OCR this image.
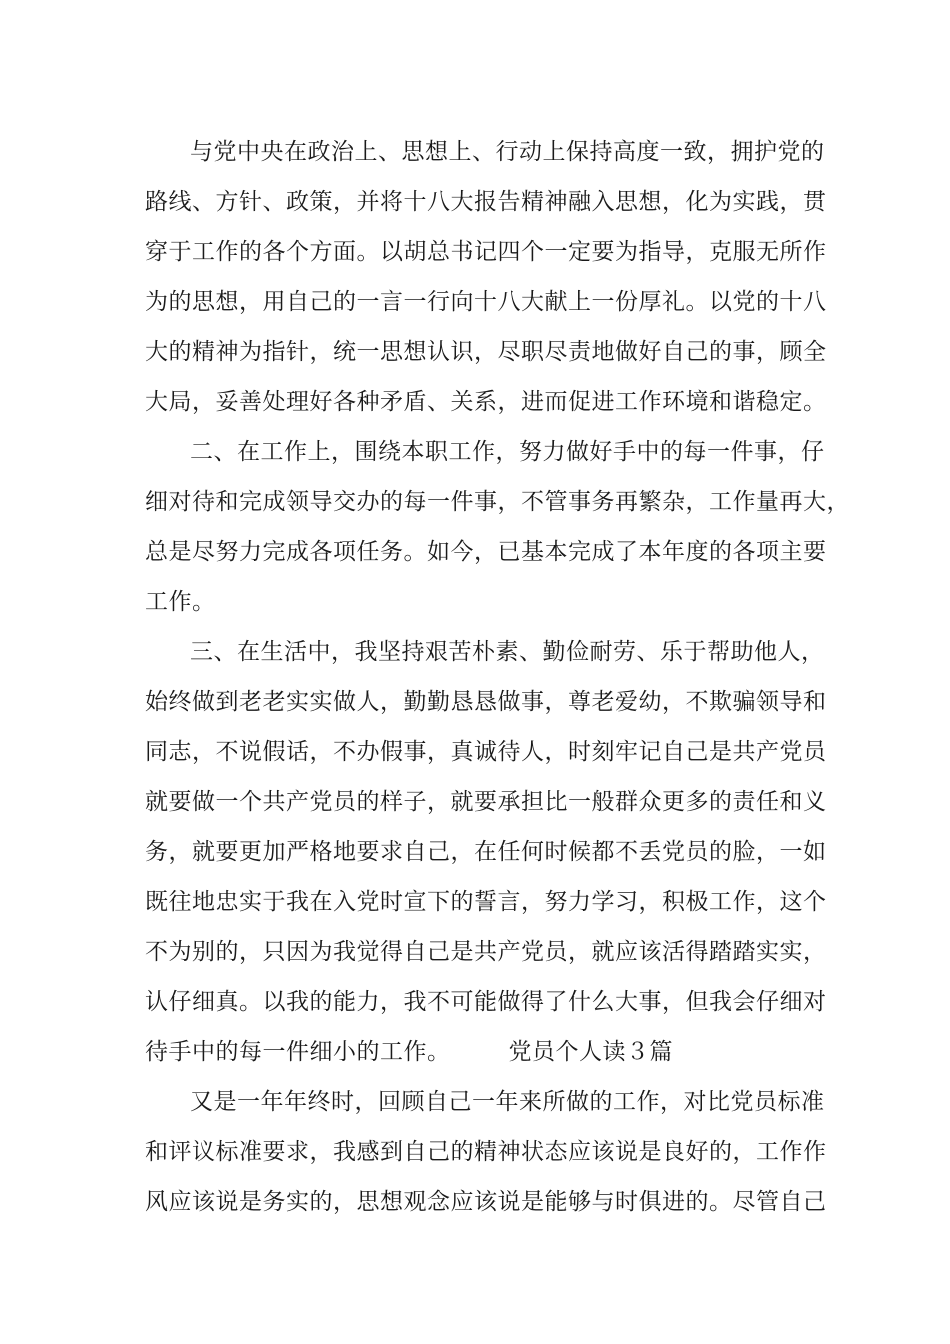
与党中央在政治上、思想上、行动上保持高度一致，拥护党的
路线、方针、政策，并将十八大报告精神融入思想，化为实践，贯
穿于工作的各个方面。以胡总书记四个一定要为指导，克服无所作
为的思想，用自己的一言一行向十八大献上一份厚礼。以党的十八
大的精神为指针，统一思想认识，尽职尽责地做好自己的事，顾全
大局，妥善处理好各种矛盾、关系，进而促进工作环境和谐稳定。
二、在工作上，围绕本职工作，努力做好手中的每一件事，仔
细对待和完成领导交办的每一件事，不管事务再繁杂，工作量再大，
总是尽努力完成各项任务。如今，已基本完成了本年度的各项主要
工作。
三、在生活中，我坚持艰苦朴素、勤俭耐劳、乐于帮助他人，
始终做到老老实实做人，勤勤恳恳做事，尊老爱幼，不欺骗领导和
同志，不说假话，不办假事，真诚待人，时刻牢记自己是共产党员
就要做一个共产党员的样子，就要承担比一般群众更多的责任和义
务，就要更加严格地要求自己，在任何时候都不丢党员的脸，一如
既往地忠实于我在入党时宣下的誓言，努力学习，积极工作，这个
不为别的，只因为我觉得自己是共产党员，就应该活得踏踏实实，
认仔细真。以我的能力，我不可能做得了什么大事，但我会仔细对
待手中的每一件细小的工作。	党员个人读３篇
又是一年年终时，回顾自己一年来所做的工作，对比党员标准
和评议标准要求，我感到自己的精神状态应该说是良好的，工作作
风应该说是务实的，思想观念应该说是能够与时俱进的。尽管自己
